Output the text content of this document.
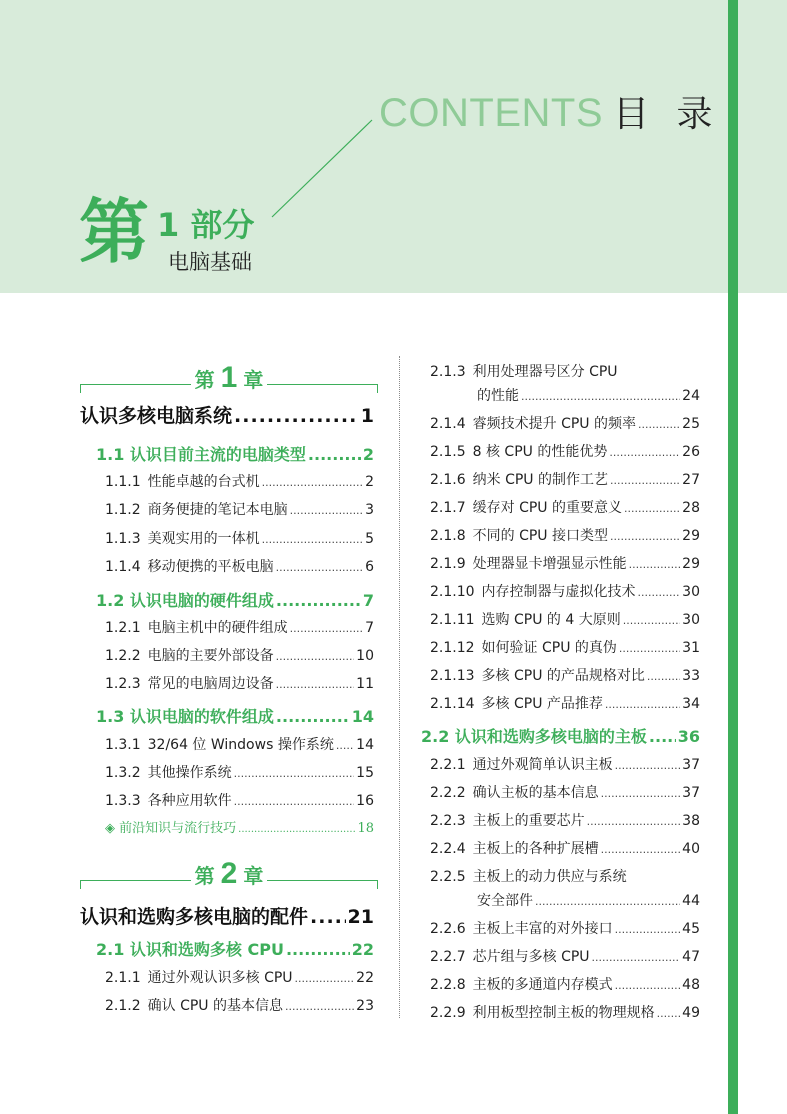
CONTENTS 目 录
第 1 部分
电脑基础
第 1 章
第 2 章
认识多核电脑系统 .....	1
1.1 认识目前主流的电脑类型 .....	2
1.1.1 性能卓越的台式机 .....	2
1.1.2 商务便捷的笔记本电脑 .....	3
1.1.3 美观实用的一体机 .....	5
1.1.4 移动便携的平板电脑 .....	6
1.2 认识电脑的硬件组成 .....	7
1.2.1 电脑主机中的硬件组成 .....	7
1.2.2 电脑的主要外部设备 .....	10
1.2.3 常见的电脑周边设备 .....	11
1.3 认识电脑的软件组成 .....	14
1.3.1 32/64 位 Windows 操作系统 ..... 14
1.3.2 其他操作系统 .....	15
1.3.3 各种应用软件 .....	16
◈ 前沿知识与流行技巧 .....	18
认识和选购多核电脑的配件 ..... 21
2.1 认识和选购多核 CPU .....	22
2.1.1 通过外观认识多核 CPU .....	22
2.1.2 确认 CPU 的基本信息 .....	23
2.1.3 利用处理器号区分 CPU
的性能 .....	24
2.1.4 睿频技术提升 CPU 的频率 .....	25
2.1.5 8 核 CPU 的性能优势 .....	26
2.1.6 纳米 CPU 的制作工艺 .....	27
2.1.7 缓存对 CPU 的重要意义 .....	28
2.1.8 不同的 CPU 接口类型 .....	29
2.1.9 处理器显卡增强显示性能 .....	29
2.1.10 内存控制器与虚拟化技术 .....	30
2.1.11 选购 CPU 的 4 大原则 .....	30
2.1.12 如何验证 CPU 的真伪 .....	31
2.1.13 多核 CPU 的产品规格对比 .....	33
2.1.14 多核 CPU 产品推荐 .....	34
2.2 认识和选购多核电脑的主板 ..... 36
2.2.1 通过外观简单认识主板 .....	37
2.2.2 确认主板的基本信息 .....	37
2.2.3 主板上的重要芯片 .....	38
2.2.4 主板上的各种扩展槽 .....	40
2.2.5 主板上的动力供应与系统
安全部件 .....	44
2.2.6 主板上丰富的对外接口 .....	45
2.2.7 芯片组与多核 CPU .....	47
2.2.8 主板的多通道内存模式 .....	48
2.2.9 利用板型控制主板的物理规格 ..... 49
